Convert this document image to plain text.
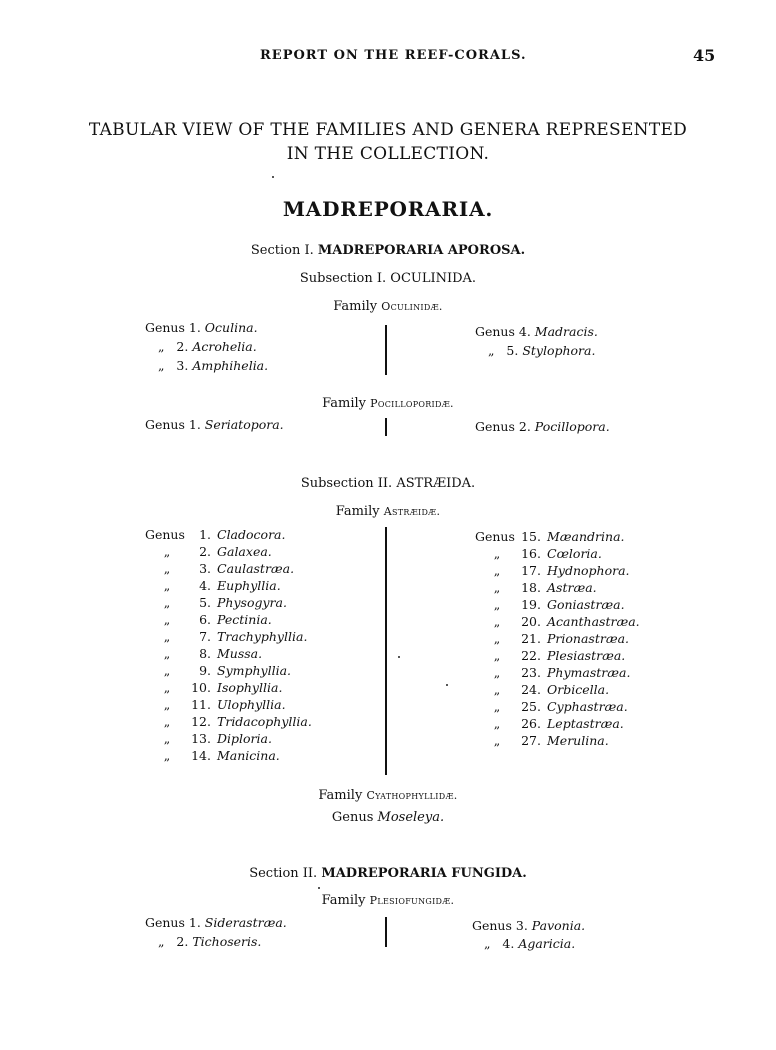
REPORT ON THE REEF-CORALS.	45
TABULAR VIEW OF THE FAMILIES AND GENERA REPRESENTED
IN THE COLLECTION.
MADREPORARIA.
Section I. MADREPORARIA APOROSA.
Subsection I. OCULINIDA.
Family Oculinidæ.
Genus 1. Oculina.
„   2. Acrohelia.
„   3. Amphihelia.
Genus 4. Madracis.
„   5. Stylophora.
Family Pocilloporidæ.
Genus 1. Seriatopora.	Genus 2. Pocillopora.
Subsection II. ASTRÆIDA.
Family Astræidæ.
Genus 1. Cladocora.
„ 2. Galaxea.
„ 3. Caulastræa.
„ 4. Euphyllia.
„ 5. Physogyra.
„ 6. Pectinia.
„ 7. Trachyphyllia.
„ 8. Mussa.
„ 9. Symphyllia.
„ 10. Isophyllia.
„ 11. Ulophyllia.
„ 12. Tridacophyllia.
„ 13. Diploria.
„ 14. Manicina.
Genus 15. Mæandrina.
„ 16. Cœloria.
„ 17. Hydnophora.
„ 18. Astræa.
„ 19. Goniastræa.
„ 20. Acanthastræa.
„ 21. Prionastræa.
„ 22. Plesiastræa.
„ 23. Phymastræa.
„ 24. Orbicella.
„ 25. Cyphastræa.
„ 26. Leptastræa.
„ 27. Merulina.
Family Cyathophyllidæ.
Genus Moseleya.
Section II. MADREPORARIA FUNGIDA.
Family Plesiofungidæ.
Genus 1. Siderastræa.
„   2. Tichoseris.
Genus 3. Pavonia.
„   4. Agaricia.
